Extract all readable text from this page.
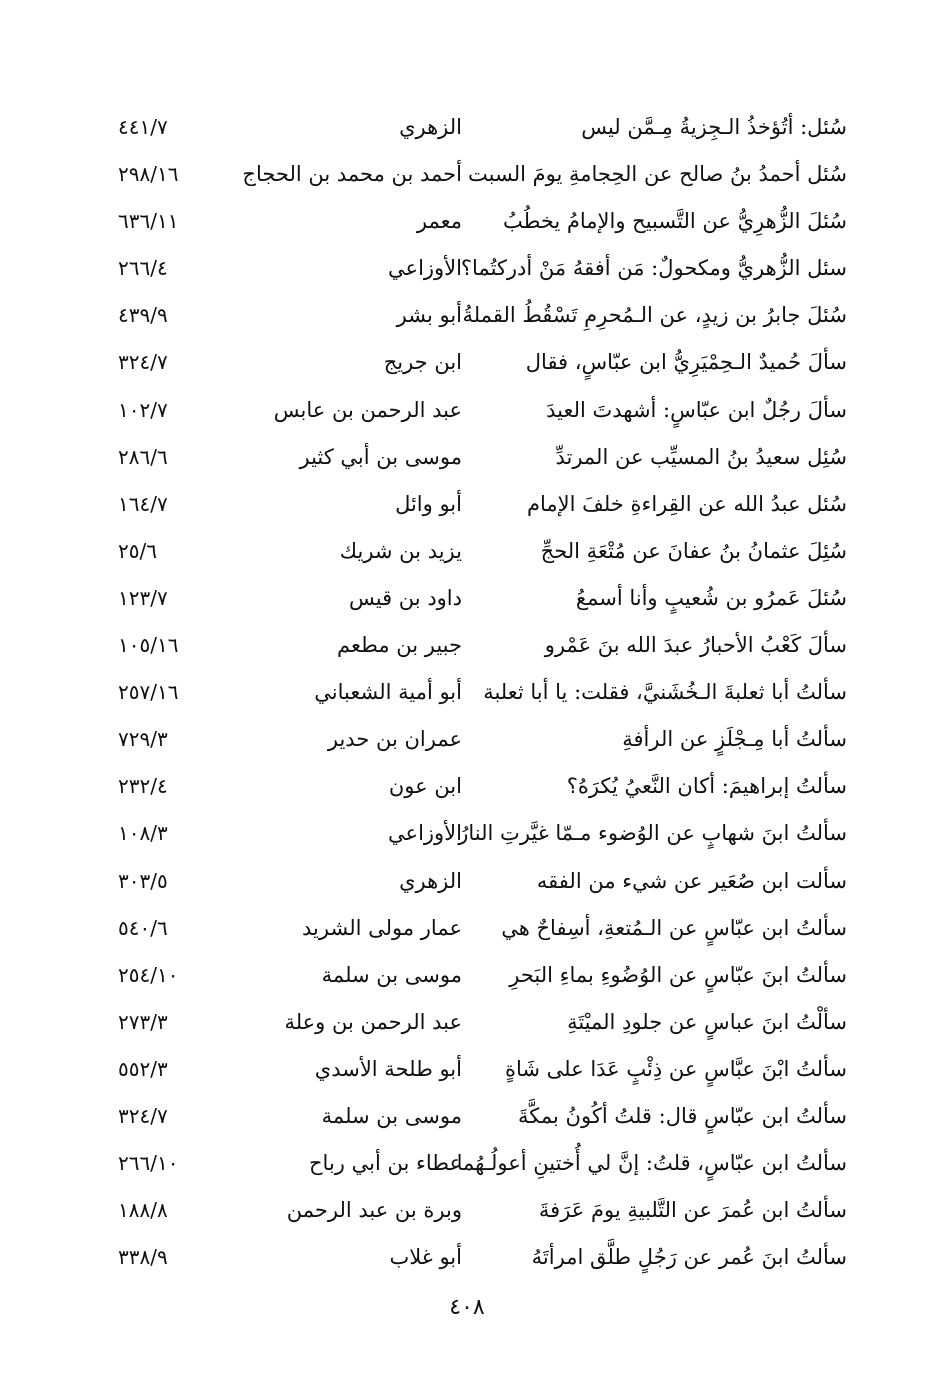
سُئل: أتُؤخذُ الـجِزيةُ مِـمَّن ليس
الزهري
٤٤١/٧
سُئل أحمدُ بنُ صالح عن الحِجامةِ يومَ السبت
أحمد بن محمد بن الحجاج
٢٩٨/١٦
سُئلَ الزُّهرِيُّ عن التَّسبيح والإمامُ يخطُبُ
معمر
٦٣٦/١١
سئل الزُّهريُّ ومكحولٌ: مَن أفقهُ مَنْ أدركتُما؟
الأوزاعي
٢٦٦/٤
سُئلَ جابرُ بن زيدٍ، عن الـمُحرِمِ تَسْقُطُ القملةُ
أبو بشر
٤٣٩/٩
سألَ حُميدٌ الـحِمْيَرِيُّ ابن عبّاسٍ، فقال
ابن جريج
٣٢٤/٧
سألَ رجُلٌ ابن عبّاسٍ: أشهدتَ العيدَ
عبد الرحمن بن عابس
١٠٢/٧
سُئِل سعيدُ بنُ المسيِّب عن المرتدِّ
موسى بن أبي كثير
٢٨٦/٦
سُئل عبدُ الله عن القِراءةِ خلفَ الإمام
أبو وائل
١٦٤/٧
سُئِلَ عثمانُ بنُ عفانَ عن مُتْعَةِ الحجِّ
يزيد بن شريك
٢٥/٦
سُئلَ عَمرُو بن شُعيبٍ وأنا أسمعُ
داود بن قيس
١٢٣/٧
سألَ كَعْبُ الأحبارُ عبدَ الله بنَ عَمْرو
جبير بن مطعم
١٠٥/١٦
سألتُ أبا ثعلبةَ الـخُشَنيَّ، فقلت: يا أبا ثعلبة
أبو أمية الشعباني
٢٥٧/١٦
سألتُ أبا مِـجْلَزٍ عن الرأفةِ
عمران بن حدير
٧٢٩/٣
سألتُ إبراهيمَ: أكان النَّعيُ يُكرَهُ؟
ابن عون
٢٣٢/٤
سألتُ ابنَ شهابٍ عن الوُضوء مـمّا غيَّرتِ النارُ
الأوزاعي
١٠٨/٣
سألت ابن صُعَير عن شيء من الفقه
الزهري
٣٠٣/٥
سألتُ ابن عبّاسٍ عن الـمُتعةِ، أسِفاحٌ هي
عمار مولى الشريد
٥٤٠/٦
سألتُ ابنَ عبّاسٍ عن الوُضُوءِ بماءِ البَحرِ
موسى بن سلمة
٢٥٤/١٠
سألْتُ ابنَ عباسٍ عن جلودِ الميْتَةِ
عبد الرحمن بن وعلة
٢٧٣/٣
سألتُ ابْنَ عبَّاسٍ عن ذِئْبٍ عَدَا على شَاةٍ
أبو طلحة الأسدي
٥٥٢/٣
سألتُ ابن عبّاسٍ قال: قلتُ أكُونُ بمكَّةَ
موسى بن سلمة
٣٢٤/٧
سألتُ ابن عبّاسٍ، قلتُ: إنَّ لي أُختينِ أعولُـهُما
عطاء بن أبي رباح
٢٦٦/١٠
سألتُ ابن عُمرَ عن التَّلبيةِ يومَ عَرَفةَ
وبرة بن عبد الرحمن
١٨٨/٨
سألتُ ابنَ عُمر عن رَجُلٍ طلَّق امرأتَهُ
أبو غلاب
٣٣٨/٩
٤٠٨
